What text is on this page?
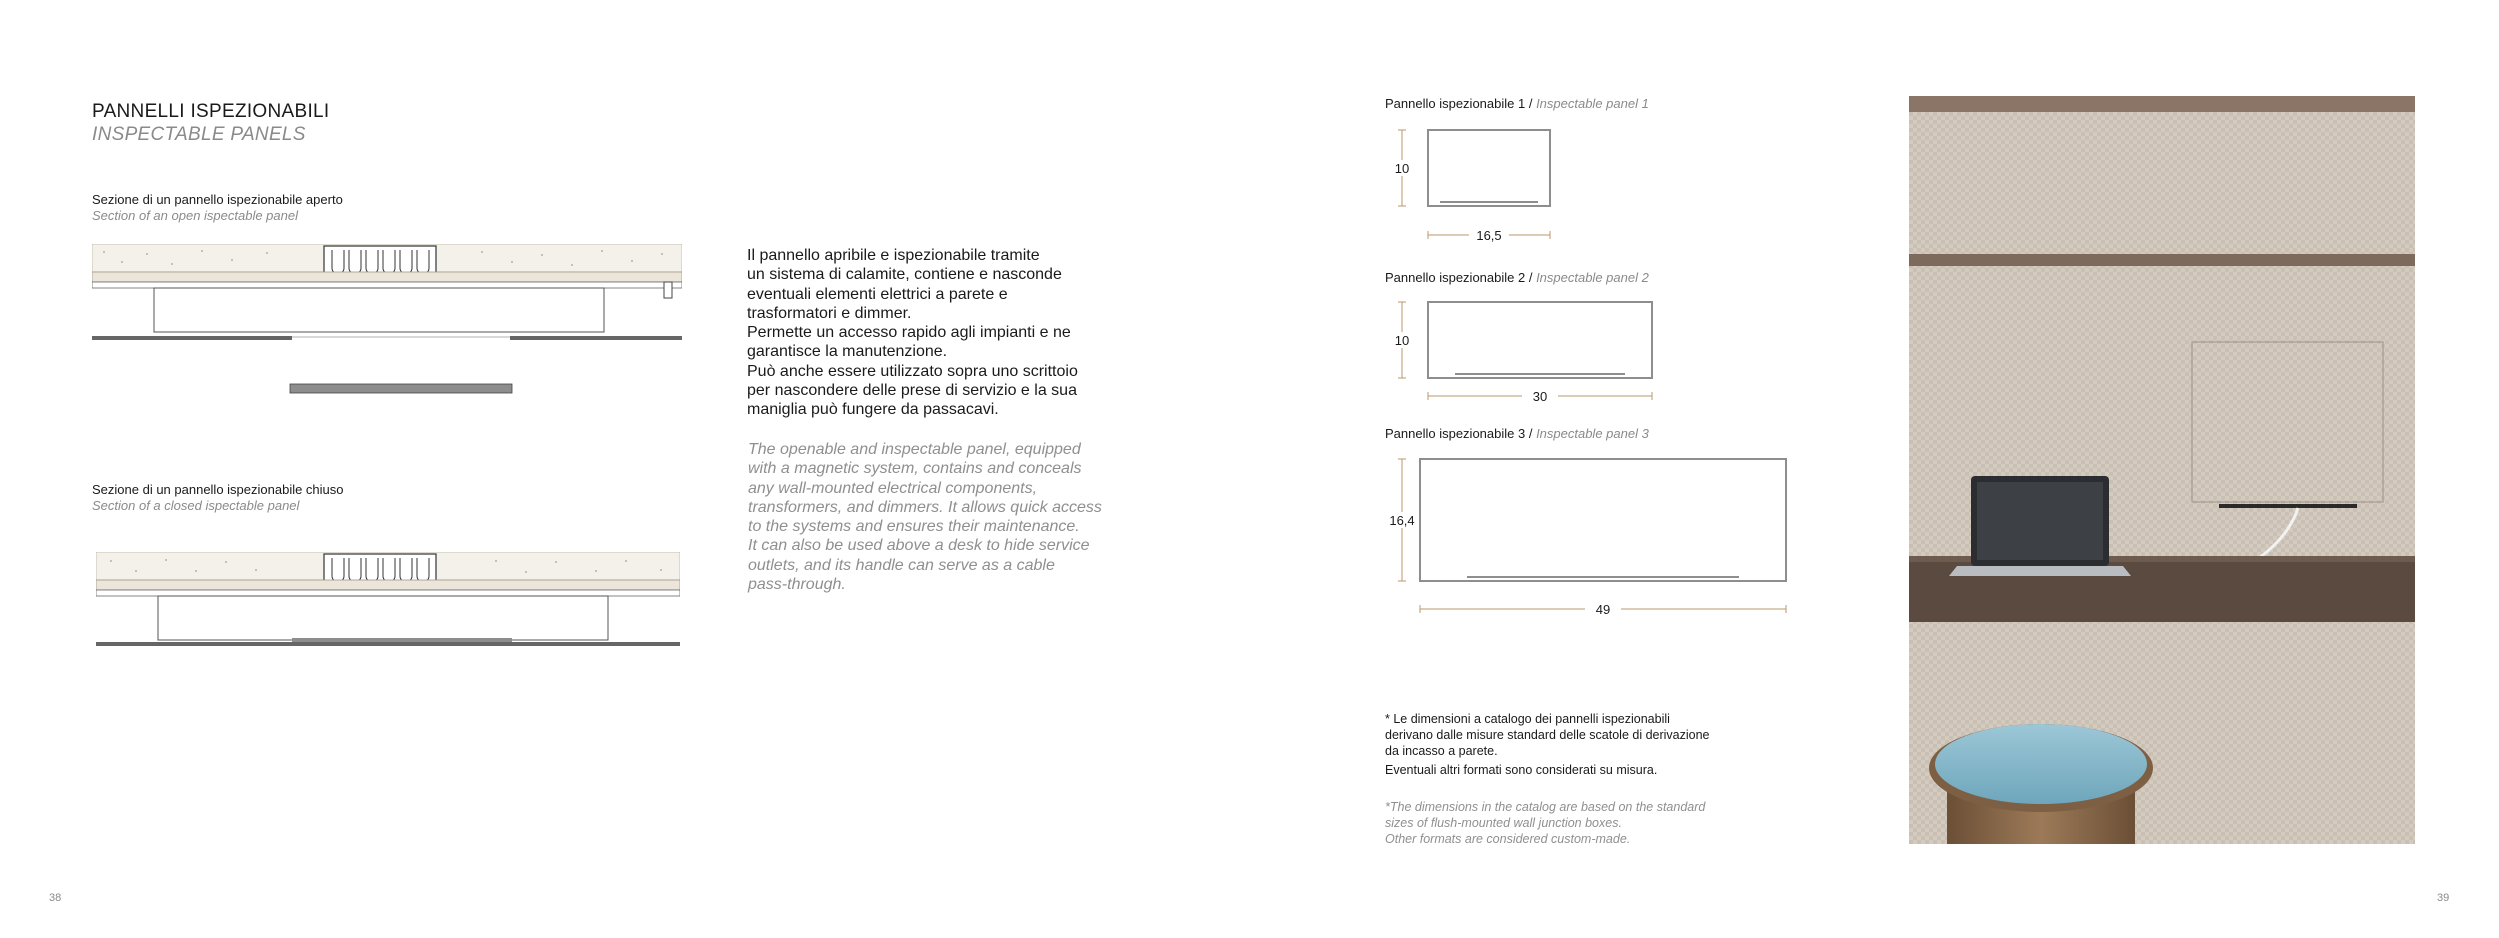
PANNELLI ISPEZIONABILI
INSPECTABLE PANELS
Sezione di un pannello ispezionabile aperto
Section of an open ispectable panel
Sezione di un pannello ispezionabile chiuso
Section of a closed ispectable panel
Il pannello apribile e ispezionabile tramite
un sistema di calamite, contiene e nasconde
eventuali elementi elettrici a parete e
trasformatori e dimmer.
Permette un accesso rapido agli impianti e ne
garantisce la manutenzione.
Può anche essere utilizzato sopra uno scrittoio
per nascondere delle prese di servizio e la sua
maniglia può fungere da passacavi.
The openable and inspectable panel, equipped
with a magnetic system, contains and conceals
any wall-mounted electrical components,
transformers, and dimmers. It allows quick access
to the systems and ensures their maintenance.
It can also be used above a desk to hide service
outlets, and its handle can serve as a cable
pass-through.
38
Pannello ispezionabile 1 / Inspectable panel 1
10
16,5
Pannello ispezionabile 2 / Inspectable panel 2
10
30
Pannello ispezionabile 3 / Inspectable panel 3
16,4
49
* Le dimensioni a catalogo dei pannelli ispezionabili
derivano dalle misure standard delle scatole di derivazione
da incasso a parete.
Eventuali altri formati sono considerati su misura.
*The dimensions in the catalog are based on the standard
sizes of flush-mounted wall junction boxes.
Other formats are considered custom-made.
39
